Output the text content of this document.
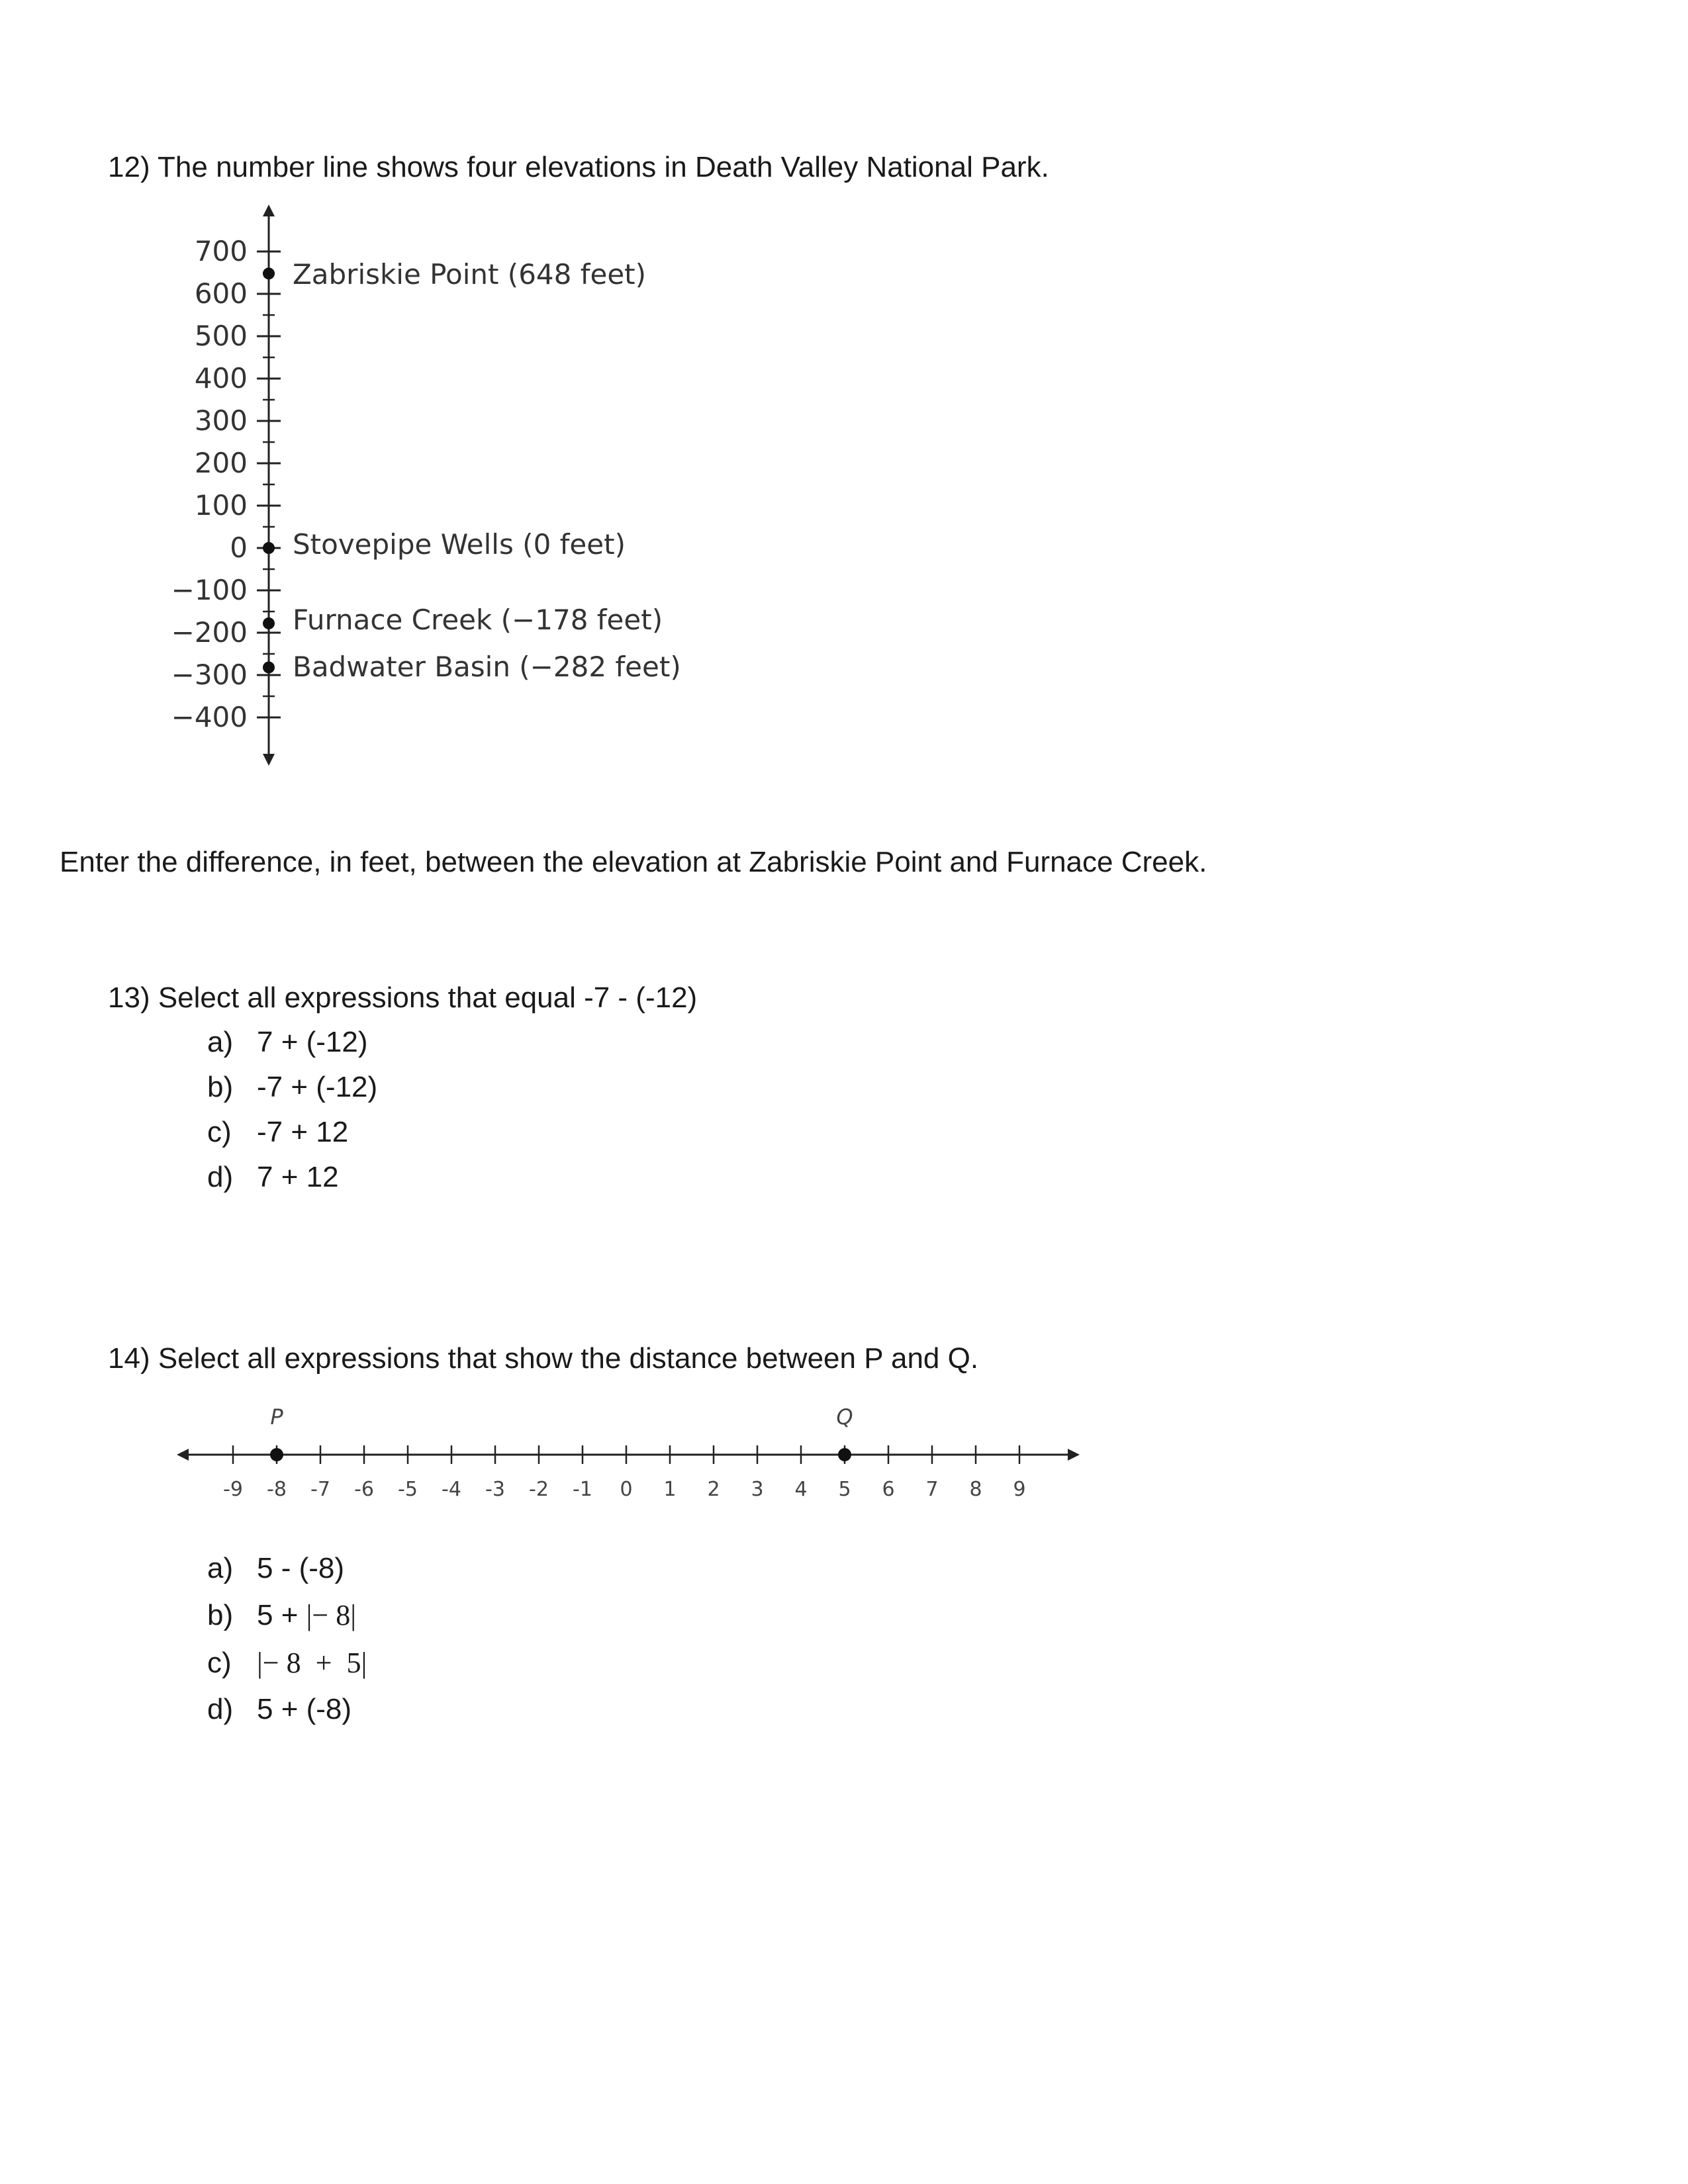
12) The number line shows four elevations in Death Valley National Park.
700
600
500
400
300
200
100
0
−100
−200
−300
−400
Zabriskie Point (648 feet)
Stovepipe Wells (0 feet)
Furnace Creek (−178 feet)
Badwater Basin (−282 feet)
Enter the difference, in feet, between the elevation at Zabriskie Point and Furnace Creek.
13) Select all expressions that equal -7 - (-12)
a) 7 + (-12)
b) -7 + (-12)
c) -7 + 12
d) 7 + 12
14) Select all expressions that show the distance between P and Q.
-9 -8 -7 -6 -5 -4 -3 -2 -1 0 1 2 3 4 5 6 7 8 9
P	Q
a) 5 - (-8)
b) 5 + |− 8|
c) |− 8  +  5|
d) 5 + (-8)
